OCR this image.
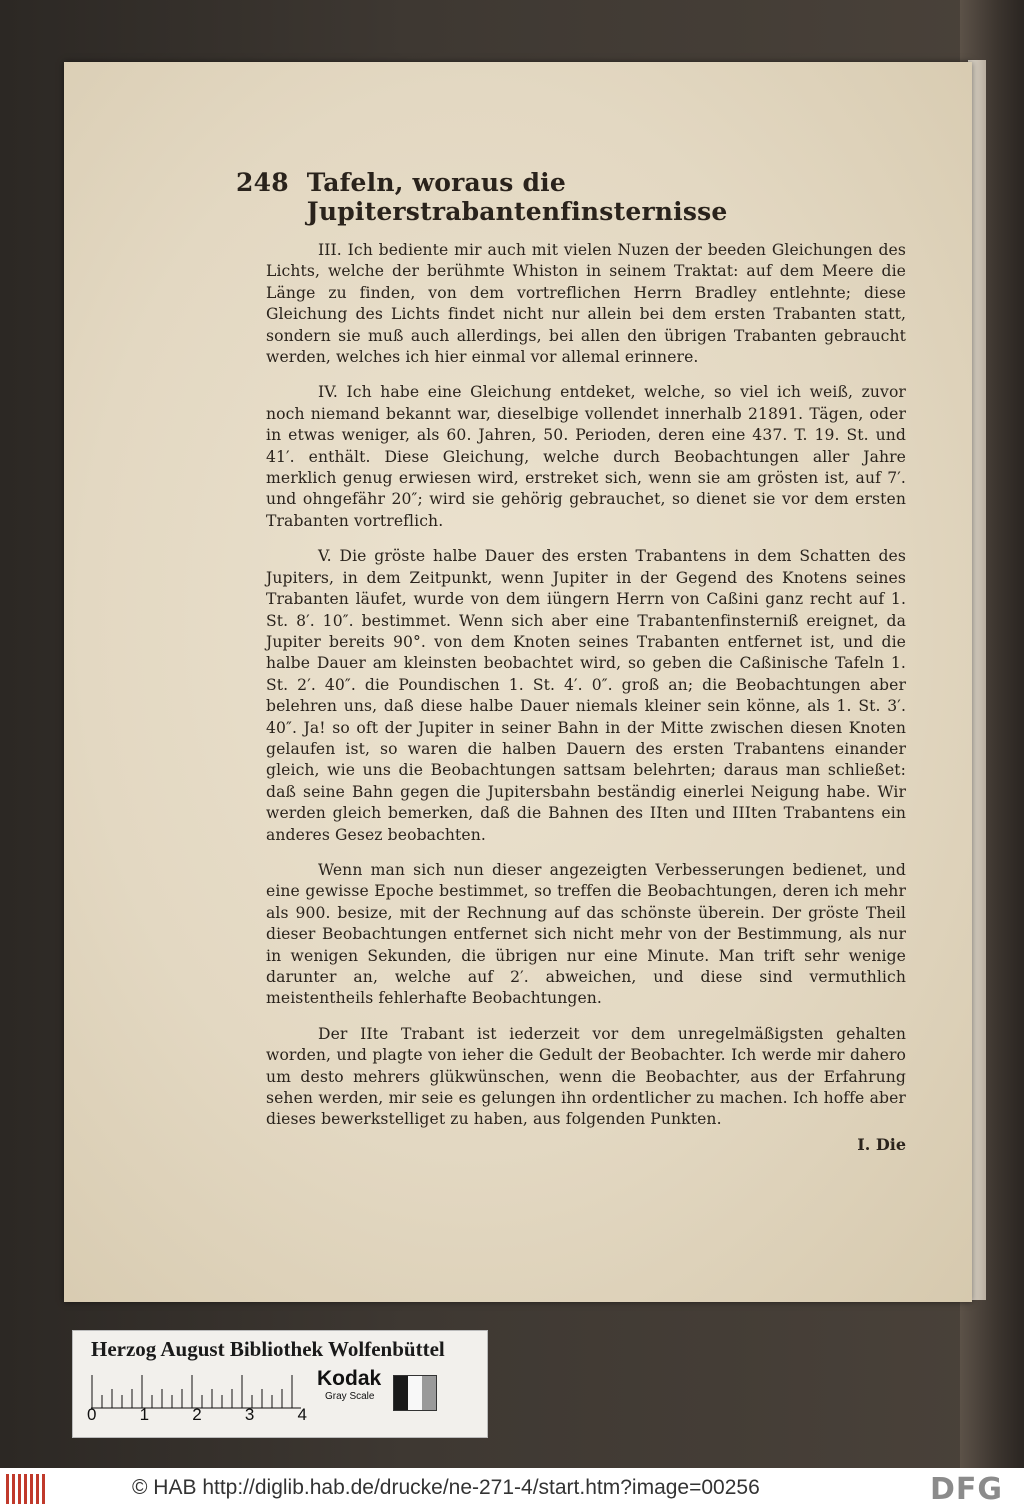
248 Tafeln, woraus die Jupiterstrabantenfinsternisse

III. Ich bediente mir auch mit vielen Nuzen der beeden Gleichungen des Lichts, welche der berühmte Whiston in seinem Traktat: auf dem Meere die Länge zu finden, von dem vortreflichen Herrn Bradley entlehnte; diese Gleichung des Lichts findet nicht nur allein bei dem ersten Trabanten statt, sondern sie muß auch allerdings, bei allen den übrigen Trabanten gebraucht werden, welches ich hier einmal vor allemal erinnere.

IV. Ich habe eine Gleichung entdeket, welche, so viel ich weiß, zuvor noch niemand bekannt war, dieselbige vollendet innerhalb 21891. Tägen, oder in etwas weniger, als 60. Jahren, 50. Perioden, deren eine 437. T. 19. St. und 41′. enthält. Diese Gleichung, welche durch Beobachtungen aller Jahre merklich genug erwiesen wird, erstreket sich, wenn sie am grösten ist, auf 7′. und ohngefähr 20″; wird sie gehörig gebrauchet, so dienet sie vor dem ersten Trabanten vortreflich.

V. Die gröste halbe Dauer des ersten Trabantens in dem Schatten des Jupiters, in dem Zeitpunkt, wenn Jupiter in der Gegend des Knotens seines Trabanten läufet, wurde von dem iüngern Herrn von Caßini ganz recht auf 1. St. 8′. 10″. bestimmet. Wenn sich aber eine Trabantenfinsterniß ereignet, da Jupiter bereits 90°. von dem Knoten seines Trabanten entfernet ist, und die halbe Dauer am kleinsten beobachtet wird, so geben die Caßinische Tafeln 1. St. 2′. 40″. die Poundischen 1. St. 4′. 0″. groß an; die Beobachtungen aber belehren uns, daß diese halbe Dauer niemals kleiner sein könne, als 1. St. 3′. 40″. Ja! so oft der Jupiter in seiner Bahn in der Mitte zwischen diesen Knoten gelaufen ist, so waren die halben Dauern des ersten Trabantens einander gleich, wie uns die Beobachtungen sattsam belehrten; daraus man schließet: daß seine Bahn gegen die Jupitersbahn beständig einerlei Neigung habe. Wir werden gleich bemerken, daß die Bahnen des IIten und IIIten Trabantens ein anderes Gesez beobachten.

Wenn man sich nun dieser angezeigten Verbesserungen bedienet, und eine gewisse Epoche bestimmet, so treffen die Beobachtungen, deren ich mehr als 900. besize, mit der Rechnung auf das schönste überein. Der gröste Theil dieser Beobachtungen entfernet sich nicht mehr von der Bestimmung, als nur in wenigen Sekunden, die übrigen nur eine Minute. Man trift sehr wenige darunter an, welche auf 2′. abweichen, und diese sind vermuthlich meistentheils fehlerhafte Beobachtungen.

Der IIte Trabant ist iederzeit vor dem unregelmäßigsten gehalten worden, und plagte von ieher die Gedult der Beobachter. Ich werde mir dahero um desto mehrers glükwünschen, wenn die Beobachter, aus der Erfahrung sehen werden, mir seie es gelungen ihn ordentlicher zu machen. Ich hoffe aber dieses bewerkstelliget zu haben, aus folgenden Punkten.

I. Die
Herzog August Bibliothek Wolfenbüttel
0	1	2	3	4
Kodak
Gray Scale
© HAB http://diglib.hab.de/drucke/ne-271-4/start.htm?image=00256	DFG
